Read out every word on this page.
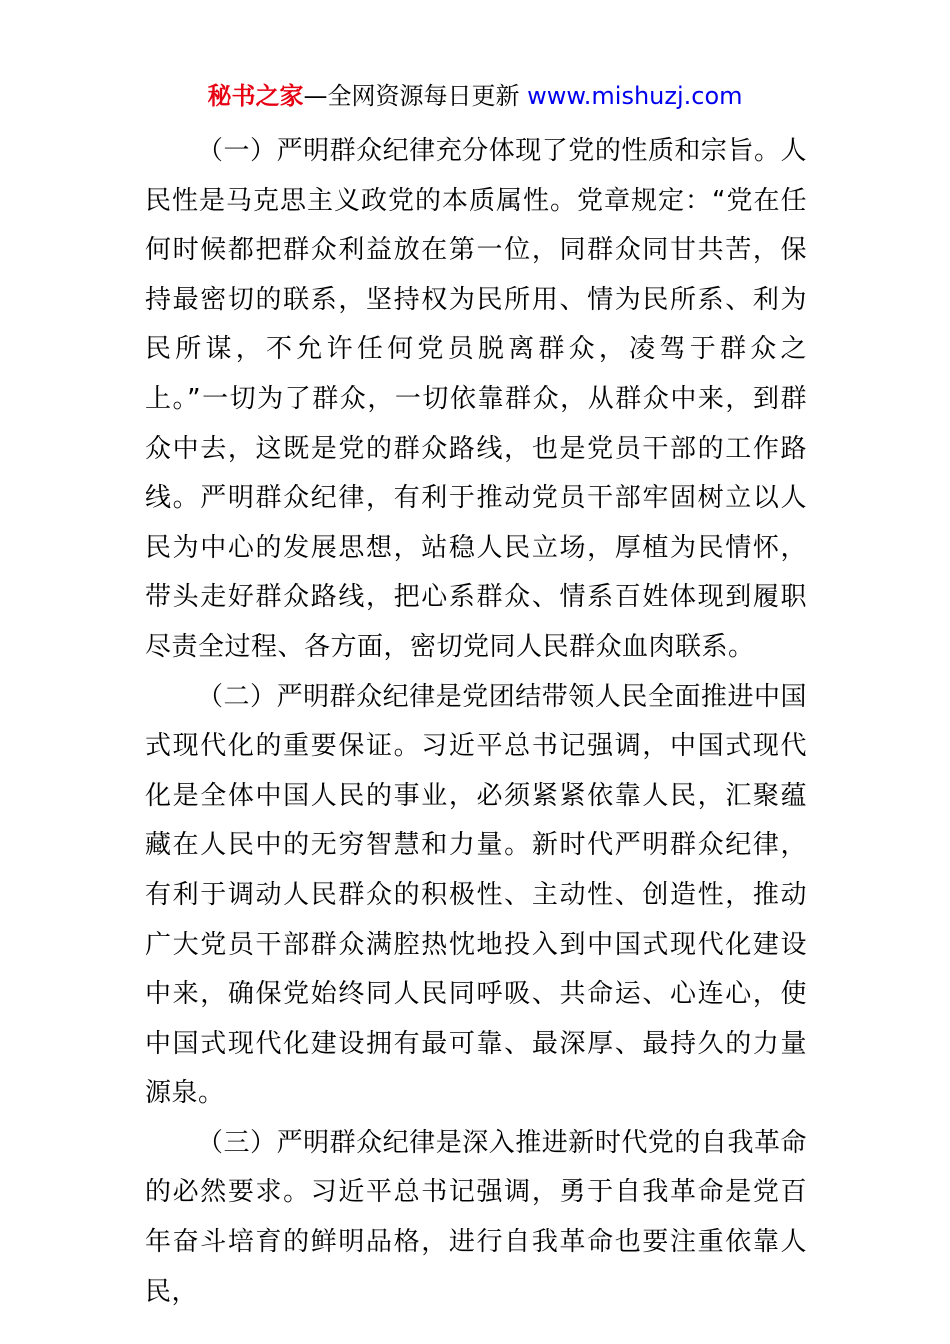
秘书之家—全网资源每日更新 www.mishuzj.com

（一）严明群众纪律充分体现了党的性质和宗旨。人民性是马克思主义政党的本质属性。党章规定：“党在任何时候都把群众利益放在第一位，同群众同甘共苦，保持最密切的联系，坚持权为民所用、情为民所系、利为民所谋，不允许任何党员脱离群众，凌驾于群众之上。”一切为了群众，一切依靠群众，从群众中来，到群众中去，这既是党的群众路线，也是党员干部的工作路线。严明群众纪律，有利于推动党员干部牢固树立以人民为中心的发展思想，站稳人民立场，厚植为民情怀，带头走好群众路线，把心系群众、情系百姓体现到履职尽责全过程、各方面，密切党同人民群众血肉联系。

（二）严明群众纪律是党团结带领人民全面推进中国式现代化的重要保证。习近平总书记强调，中国式现代化是全体中国人民的事业，必须紧紧依靠人民，汇聚蕴藏在人民中的无穷智慧和力量。新时代严明群众纪律，有利于调动人民群众的积极性、主动性、创造性，推动广大党员干部群众满腔热忱地投入到中国式现代化建设中来，确保党始终同人民同呼吸、共命运、心连心，使中国式现代化建设拥有最可靠、最深厚、最持久的力量源泉。

（三）严明群众纪律是深入推进新时代党的自我革命的必然要求。习近平总书记强调，勇于自我革命是党百年奋斗培育的鲜明品格，进行自我革命也要注重依靠人民，
